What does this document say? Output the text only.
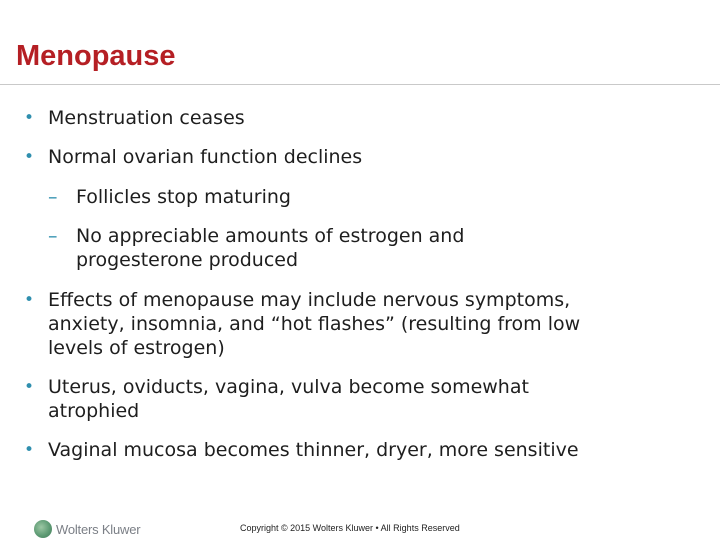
Menopause
• Menstruation ceases
• Normal ovarian function declines
– Follicles stop maturing
– No appreciable amounts of estrogen and
progesterone produced
• Effects of menopause may include nervous symptoms,
anxiety, insomnia, and “hot flashes” (resulting from low
levels of estrogen)
• Uterus, oviducts, vagina, vulva become somewhat
atrophied
• Vaginal mucosa becomes thinner, dryer, more sensitive
Wolters Kluwer	Copyright © 2015 Wolters Kluwer • All Rights Reserved
